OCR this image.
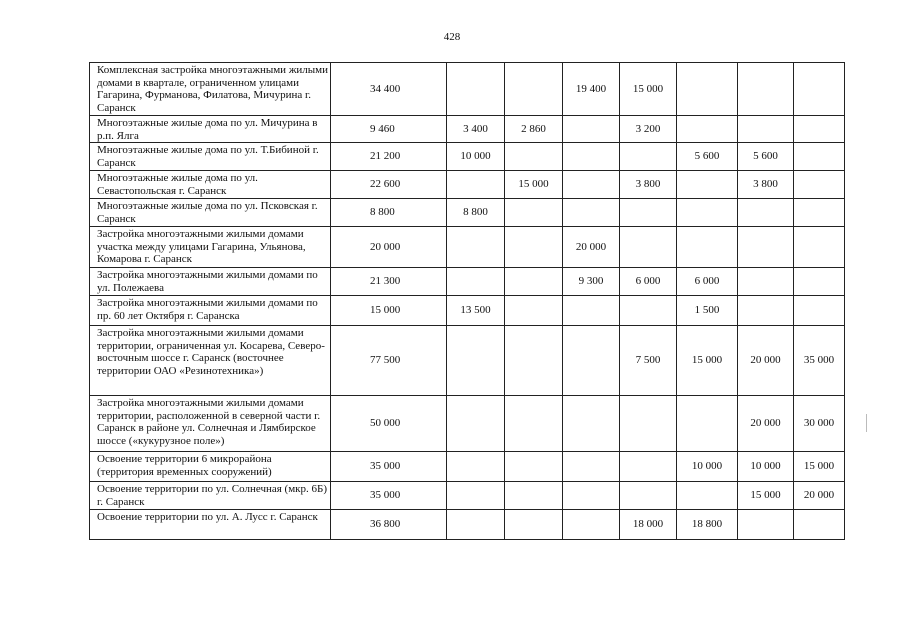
428
Комплексная застройка многоэтажными жилыми домами в квартале, ограниченном улицами Гагарина, Фурманова, Филатова, Мичурина г. Саранск	34 400			19 400	15 000			
Многоэтажные жилые дома по ул. Мичурина в р.п. Ялга	9 460	3 400	2 860		3 200			
Многоэтажные жилые дома по ул. Т.Бибиной г. Саранск	21 200	10 000				5 600	5 600	
Многоэтажные жилые дома по ул. Севастопольская г. Саранск	22 600		15 000		3 800		3 800	
Многоэтажные жилые дома по ул. Псковская г. Саранск	8 800	8 800						
Застройка многоэтажными жилыми домами участка между улицами Гагарина, Ульянова, Комарова г. Саранск	20 000			20 000				
Застройка многоэтажными жилыми домами по ул. Полежаева	21 300			9 300	6 000	6 000		
Застройка многоэтажными жилыми домами по пр. 60 лет Октября г. Саранска	15 000	13 500				1 500		
Застройка многоэтажными жилыми домами территории, ограниченная ул. Косарева, Северо-восточным шоссе г. Саранск (восточнее территории ОАО «Резинотехника»)	77 500				7 500	15 000	20 000	35 000
Застройка многоэтажными жилыми домами территории, расположенной в северной части г. Саранск в районе ул. Солнечная и Лямбирское шоссе («кукурузное поле»)	50 000						20 000	30 000
Освоение территории 6 микрорайона (территория временных сооружений)	35 000					10 000	10 000	15 000
Освоение территории по ул. Солнечная (мкр. 6Б) г. Саранск	35 000						15 000	20 000
Освоение территории по ул. А. Лусс г. Саранск	36 800				18 000	18 800		
